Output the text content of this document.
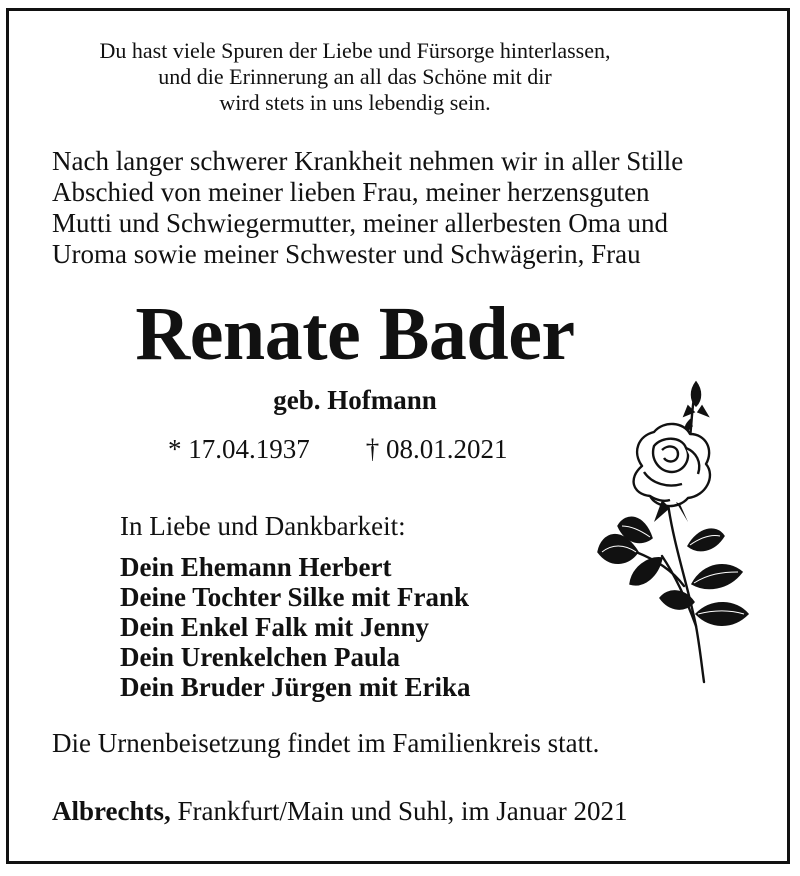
Du hast viele Spuren der Liebe und Fürsorge hinterlassen,
und die Erinnerung an all das Schöne mit dir
wird stets in uns lebendig sein.
Nach langer schwerer Krankheit nehmen wir in aller Stille
Abschied von meiner lieben Frau, meiner herzensguten
Mutti und Schwiegermutter, meiner allerbesten Oma und
Uroma sowie meiner Schwester und Schwägerin, Frau
Renate Bader
geb. Hofmann
* 17.04.1937 † 08.01.2021
In Liebe und Dankbarkeit:
Dein Ehemann Herbert
Deine Tochter Silke mit Frank
Dein Enkel Falk mit Jenny
Dein Urenkelchen Paula
Dein Bruder Jürgen mit Erika
Die Urnenbeisetzung findet im Familienkreis statt.
Albrechts, Frankfurt/Main und Suhl, im Januar 2021
